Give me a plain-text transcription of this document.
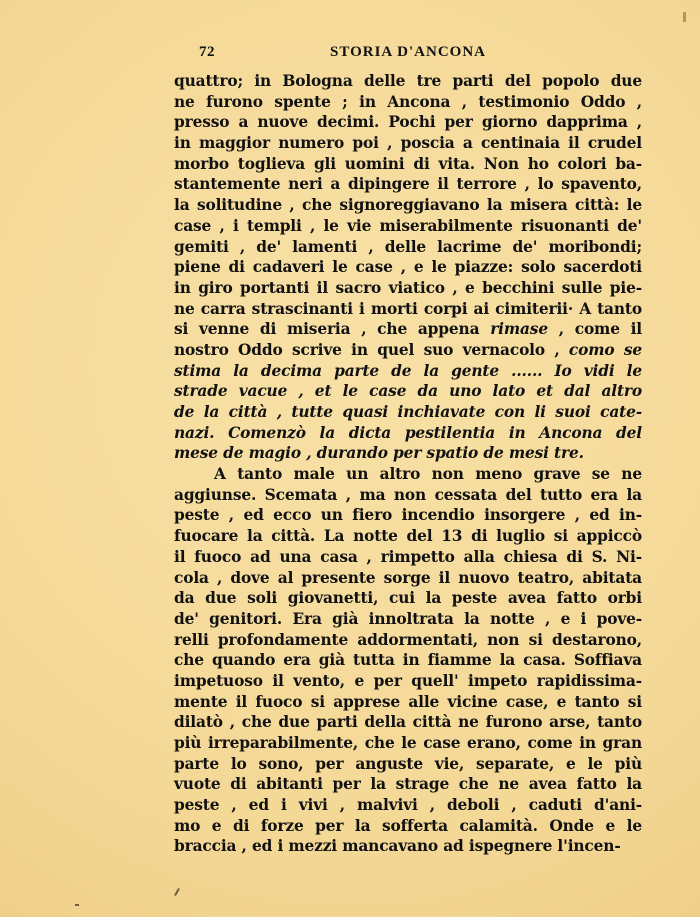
72	STORIA D'ANCONA
quattro; in Bologna delle tre parti del popolo due
ne furono spente ; in Ancona , testimonio Oddo ,
presso a nuove decimi. Pochi per giorno dapprima ,
in maggior numero poi , poscia a centinaia il crudel
morbo toglieva gli uomini di vita. Non ho colori ba-
stantemente neri a dipingere il terrore , lo spavento,
la solitudine , che signoreggiavano la misera città: le
case , i templi , le vie miserabilmente risuonanti de'
gemiti , de' lamenti , delle lacrime de' moribondi;
piene di cadaveri le case , e le piazze: solo sacerdoti
in giro portanti il sacro viatico , e becchini sulle pie-
ne carra strascinanti i morti corpi ai cimiterii· A tanto
si venne di miseria , che appena rimase , come il
nostro Oddo scrive in quel suo vernacolo , como se
stima la decima parte de la gente ...... Io vidi le
strade vacue , et le case da uno lato et dal altro
de la città , tutte quasi inchiavate con li suoi cate-
nazi. Comenzò la dicta pestilentia in Ancona del
mese de magio , durando per spatio de mesi tre.
A tanto male un altro non meno grave se ne
aggiunse. Scemata , ma non cessata del tutto era la
peste , ed ecco un fiero incendio insorgere , ed in-
fuocare la città. La notte del 13 di luglio si appiccò
il fuoco ad una casa , rimpetto alla chiesa di S. Ni-
cola , dove al presente sorge il nuovo teatro, abitata
da due soli giovanetti, cui la peste avea fatto orbi
de' genitori. Era già innoltrata la notte , e i pove-
relli profondamente addormentati, non si destarono,
che quando era già tutta in fiamme la casa. Soffiava
impetuoso il vento, e per quell' impeto rapidissima-
mente il fuoco si apprese alle vicine case, e tanto si
dilatò , che due parti della città ne furono arse, tanto
più irreparabilmente, che le case erano, come in gran
parte lo sono, per anguste vie, separate, e le più
vuote di abitanti per la strage che ne avea fatto la
peste , ed i vivi , malvivi , deboli , caduti d'ani-
mo e di forze per la sofferta calamità. Onde e le
braccia , ed i mezzi mancavano ad ispegnere l'incen-
